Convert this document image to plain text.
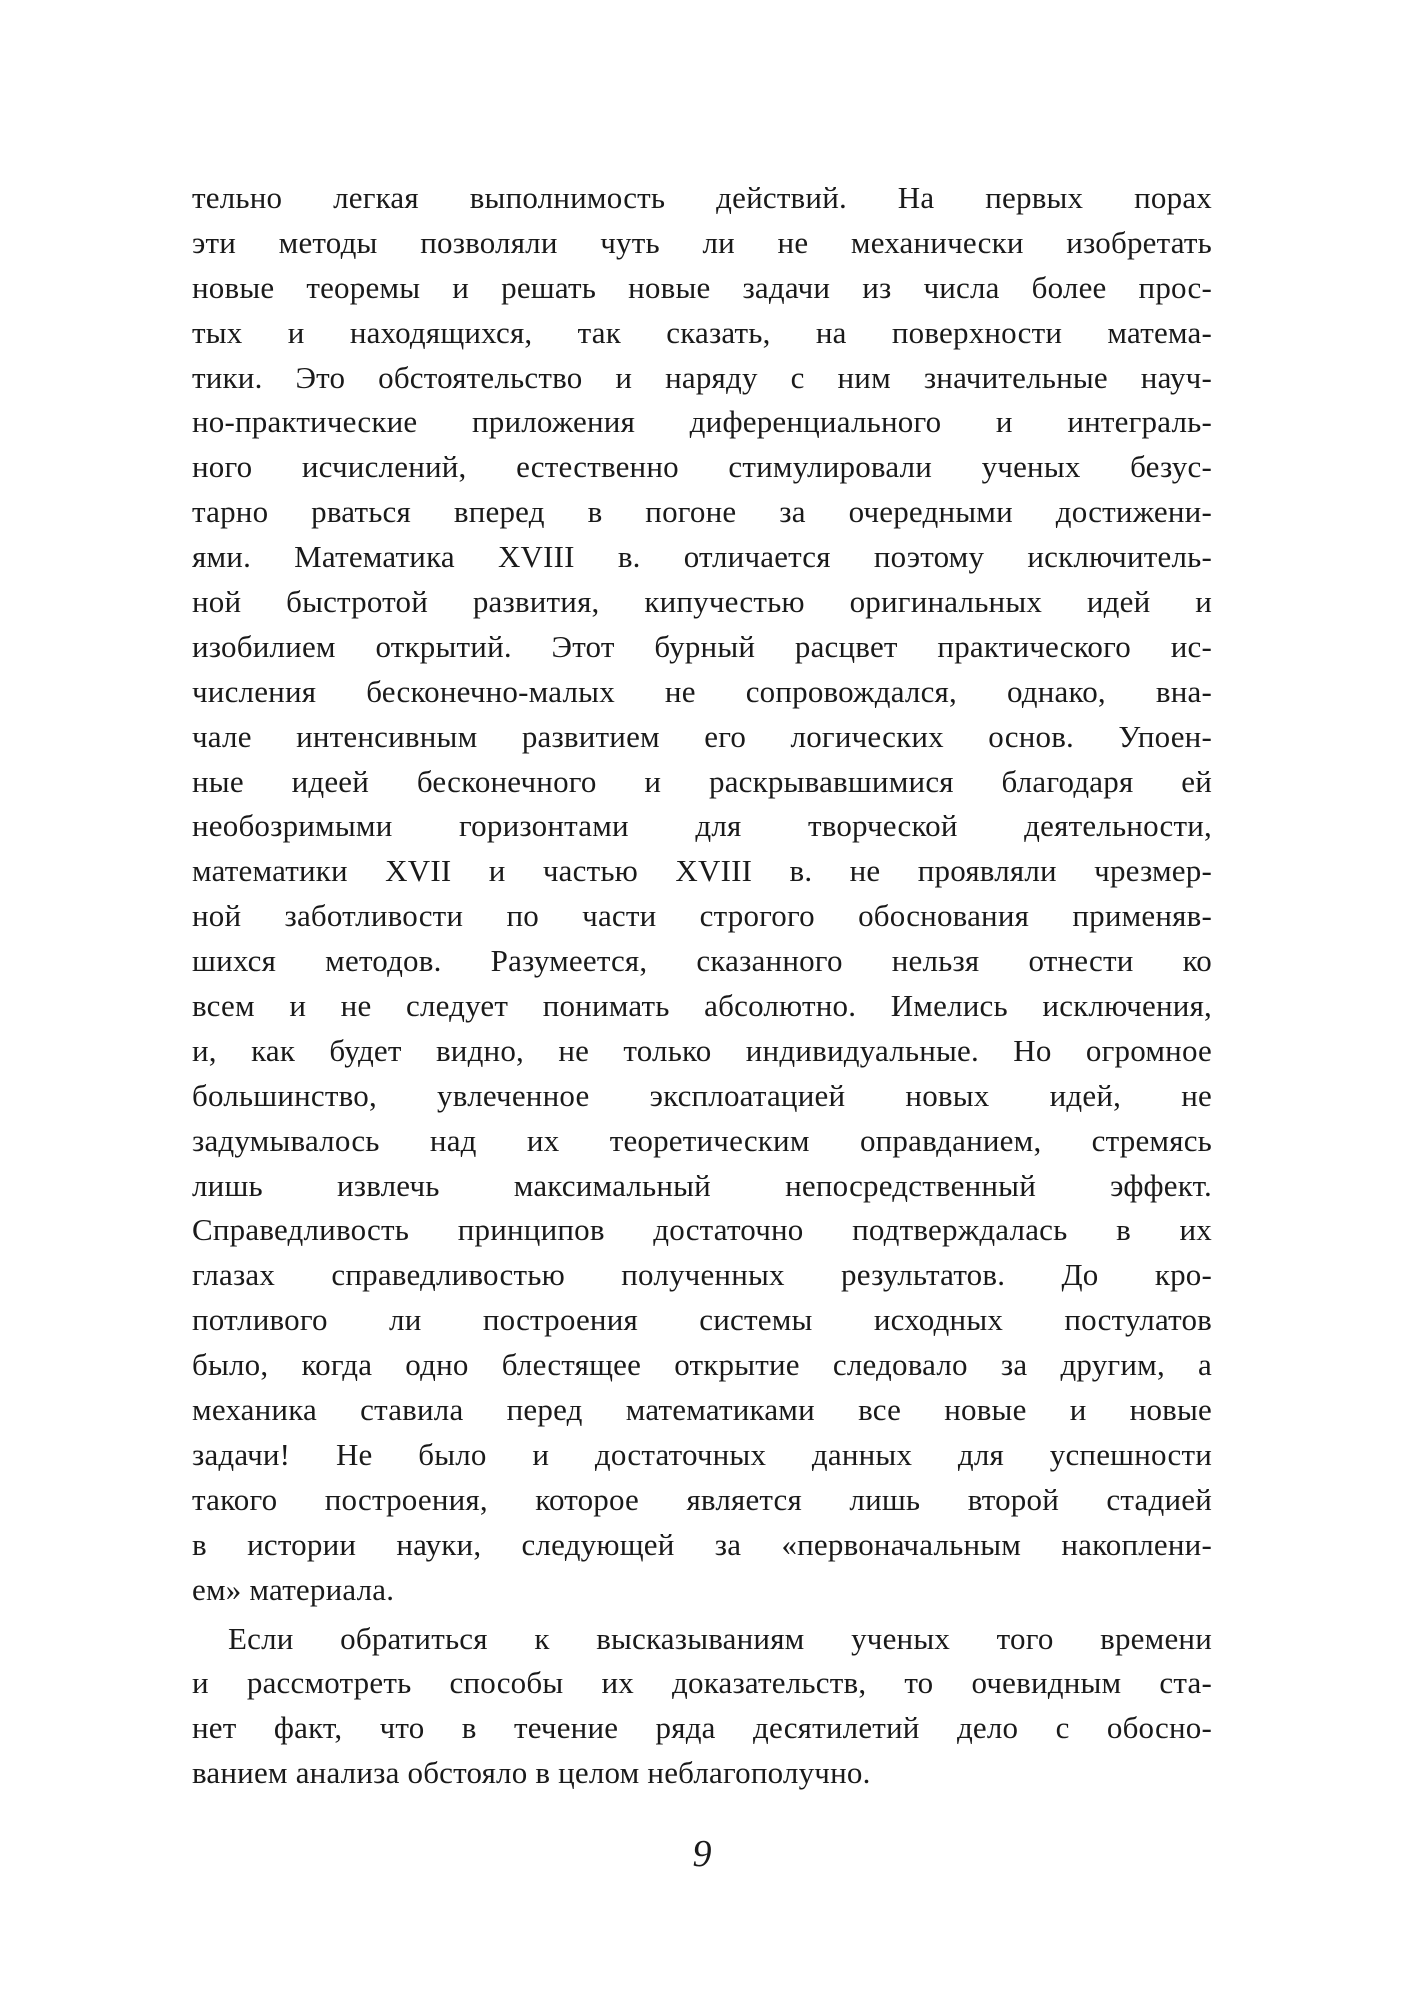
тельно легкая выполнимость действий. На первых порах
эти методы позволяли чуть ли не механически изобретать
новые теоремы и решать новые задачи из числа более прос-
тых и находящихся, так сказать, на поверхности матема-
тики. Это обстоятельство и наряду с ним значительные науч-
но-практические приложения диференциального и интеграль-
ного исчислений, естественно стимулировали ученых безус-
тарно рваться вперед в погоне за очередными достижени-
ями. Математика XVIII в. отличается поэтому исключитель-
ной быстротой развития, кипучестью оригинальных идей и
изобилием открытий. Этот бурный расцвет практического ис-
числения бесконечно-малых не сопровождался, однако, вна-
чале интенсивным развитием его логических основ. Упоен-
ные идеей бесконечного и раскрывавшимися благодаря ей
необозримыми горизонтами для творческой деятельности,
математики XVII и частью XVIII в. не проявляли чрезмер-
ной заботливости по части строгого обоснования применяв-
шихся методов. Разумеется, сказанного нельзя отнести ко
всем и не следует понимать абсолютно. Имелись исключения,
и, как будет видно, не только индивидуальные. Но огромное
большинство, увлеченное эксплоатацией новых идей, не
задумывалось над их теоретическим оправданием, стремясь
лишь извлечь максимальный непосредственный эффект.
Справедливость принципов достаточно подтверждалась в их
глазах справедливостью полученных результатов. До кро-
потливого ли построения системы исходных постулатов
было, когда одно блестящее открытие следовало за другим, а
механика ставила перед математиками все новые и новые
задачи! Не было и достаточных данных для успешности
такого построения, которое является лишь второй стадией
в истории науки, следующей за «первоначальным накоплени-
ем» материала.
Если обратиться к высказываниям ученых того времени
и рассмотреть способы их доказательств, то очевидным ста-
нет факт, что в течение ряда десятилетий дело с обосно-
ванием анализа обстояло в целом неблагополучно.
9
